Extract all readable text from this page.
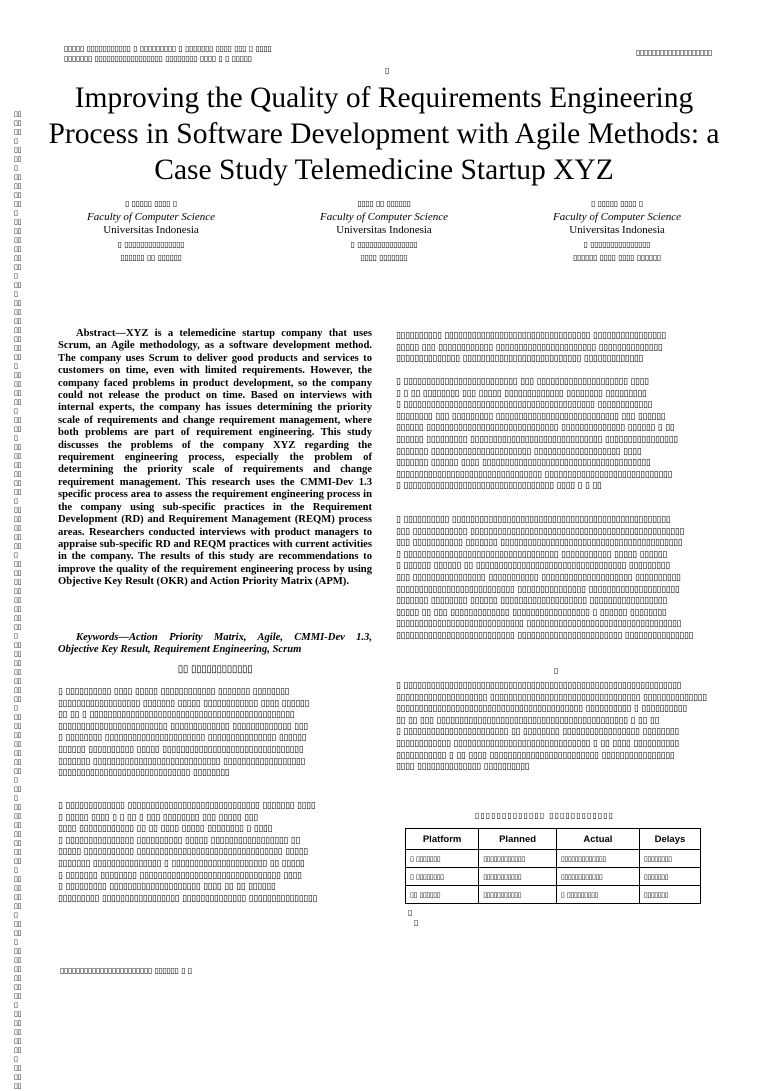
▯▯▯▯▯ ▯▯▯▯▯▯▯▯▯▯▯ ▯ ▯▯▯▯▯▯▯▯▯ ▯ ▯▯▯▯▯▯▯ ▯▯▯▯ ▯▯▯ ▯ ▯▯▯▯
▯▯▯▯▯▯▯ ▯▯▯▯▯▯▯▯▯▯▯▯▯▯▯▯▯ ▯▯▯▯▯▯▯▯ ▯▯▯▯ ▯ ▯ ▯▯▯▯▯
▯▯▯▯▯▯▯▯▯▯▯▯▯▯▯▯▯▯▯
▯
▯▯▯▯ ▯▯▯ ▯▯▯▯▯ ▯▯ ▯▯▯▯ ▯▯▯ ▯▯▯▯▯▯ ▯▯ ▯▯▯▯▯ ▯▯▯ ▯▯▯▯ ▯▯ ▯▯▯▯▯▯ ▯▯▯ ▯▯▯▯ ▯▯▯▯▯ ▯▯ ▯▯▯ ▯▯▯▯▯▯ ▯▯▯▯ ▯▯▯ ▯▯▯▯ ▯▯▯▯ ▯▯▯ ▯▯▯▯▯▯ ▯▯ ▯▯▯▯ ▯▯▯▯▯ ▯▯▯▯ ▯▯ ▯▯▯▯▯▯ ▯▯▯ ▯▯▯▯ ▯▯ ▯▯▯▯ ▯▯▯▯▯ ▯▯▯ ▯▯▯▯ ▯▯ ▯▯▯▯▯▯ ▯▯▯ ▯▯▯▯ ▯▯▯▯▯ ▯▯ ▯▯▯ ▯▯▯▯▯▯ ▯▯▯▯ ▯▯▯ ▯▯▯▯ ▯▯▯▯ ▯▯▯ ▯▯▯▯▯▯
Improving the Quality of Requirements Engineering Process in Software Development with Agile Methods: a Case Study Telemedicine Startup XYZ
▯ ▯▯▯▯▯ ▯▯▯▯ ▯
Faculty of Computer Science
Universitas Indonesia
▯ ▯▯▯▯▯▯▯▯▯▯▯▯▯▯▯
▯▯▯▯▯▯ ▯▯ ▯▯▯▯▯▯
▯▯▯▯ ▯▯ ▯▯▯▯▯▯
Faculty of Computer Science
Universitas Indonesia
▯ ▯▯▯▯▯▯▯▯▯▯▯▯▯▯▯
▯▯▯▯ ▯▯▯▯▯▯▯
▯ ▯▯▯▯▯ ▯▯▯▯ ▯
Faculty of Computer Science
Universitas Indonesia
▯ ▯▯▯▯▯▯▯▯▯▯▯▯▯▯▯
▯▯▯▯▯▯ ▯▯▯▯ ▯▯▯▯ ▯▯▯▯▯▯
Abstract—XYZ is a telemedicine startup company that uses Scrum, an Agile methodology, as a software development method. The company uses Scrum to deliver good products and services to customers on time, even with limited requirements. However, the company faced problems in product development, so the company could not release the product on time. Based on interviews with internal experts, the company has issues determining the priority scale of requirements and change requirement management, where both problems are part of requirement engineering. This study discusses the problems of the company XYZ regarding the requirement engineering process, especially the problem of determining the priority scale of requirements and change requirement management. This research uses the CMMI-Dev 1.3 specific process area to assess the requirement engineering process in the company using sub-specific practices in the Requirement Development (RD) and Requirement Management (REQM) process areas. Researchers conducted interviews with product managers to appraise sub-specific RD and REQM practices with current activities in the company. The results of this study are recommendations to improve the quality of the requirement engineering process by using Objective Key Result (OKR) and Action Priority Matrix (APM).
Keywords—Action Priority Matrix, Agile, CMMI-Dev 1.3, Objective Key Result, Requirement Engineering, Scrum
▯▯ ▯▯▯▯▯▯▯▯▯▯▯▯
▯ ▯▯▯▯▯▯▯▯▯▯ ▯▯▯▯ ▯▯▯▯▯ ▯▯▯▯▯▯▯▯▯▯▯▯ ▯▯▯▯▯▯▯ ▯▯▯▯▯▯▯▯
▯▯▯▯▯▯▯▯▯▯▯▯▯▯▯▯▯▯ ▯▯▯▯▯▯▯ ▯▯▯▯▯ ▯▯▯▯▯▯▯▯▯▯▯▯ ▯▯▯▯ ▯▯▯▯▯▯
▯▯ ▯▯ ▯ ▯▯▯▯▯▯▯▯▯▯▯▯▯▯▯▯▯▯▯▯▯▯▯▯▯▯▯▯▯▯▯▯▯▯▯▯▯▯▯▯▯▯▯▯▯
▯▯▯▯▯▯▯▯▯▯▯▯▯▯▯▯▯▯▯▯▯▯▯▯ ▯▯▯▯▯▯▯▯▯▯▯▯▯ ▯▯▯▯▯▯▯▯▯▯▯▯▯ ▯▯▯
▯ ▯▯▯▯▯▯▯▯ ▯▯▯▯▯▯▯▯▯▯▯▯▯▯▯▯▯▯▯▯▯▯ ▯▯▯▯▯▯▯▯▯▯▯▯▯▯▯ ▯▯▯▯▯▯
▯▯▯▯▯▯ ▯▯▯▯▯▯▯▯▯▯ ▯▯▯▯▯ ▯▯▯▯▯▯▯▯▯▯▯▯▯▯▯▯▯▯▯▯▯▯▯▯▯▯▯▯▯▯▯
▯▯▯▯▯▯▯ ▯▯▯▯▯▯▯▯▯▯▯▯▯▯▯▯▯▯▯▯▯▯▯▯▯▯▯▯ ▯▯▯▯▯▯▯▯▯▯▯▯▯▯▯▯▯▯
▯▯▯▯▯▯▯▯▯▯▯▯▯▯▯▯▯▯▯▯▯▯▯▯▯▯▯▯▯ ▯▯▯▯▯▯▯▯
▯ ▯▯▯▯▯▯▯▯▯▯▯▯▯ ▯▯▯▯▯▯▯▯▯▯▯▯▯▯▯▯▯▯▯▯▯▯▯▯▯▯▯▯▯ ▯▯▯▯▯▯▯ ▯▯▯▯
▯ ▯▯▯▯▯ ▯▯▯▯ ▯ ▯ ▯▯ ▯ ▯▯▯ ▯▯▯▯▯▯▯▯ ▯▯▯ ▯▯▯▯▯ ▯▯▯
▯▯▯▯ ▯▯▯▯▯▯▯▯▯▯▯▯ ▯▯ ▯▯ ▯▯▯▯ ▯▯▯▯▯ ▯▯▯▯▯▯▯▯ ▯ ▯▯▯▯
▯ ▯▯▯▯▯▯▯▯▯▯▯▯▯▯▯ ▯▯▯▯▯▯▯▯▯▯ ▯▯▯▯▯ ▯▯▯▯▯▯▯▯▯▯▯▯▯▯▯▯▯ ▯▯
▯▯▯▯▯ ▯▯▯▯▯▯▯▯▯▯▯ ▯▯▯▯▯▯▯▯▯▯▯▯▯▯▯▯▯▯▯▯▯▯▯▯▯▯▯▯▯▯▯▯ ▯▯▯▯▯
▯▯▯▯▯▯▯ ▯▯▯▯▯▯▯▯▯▯▯▯▯▯▯ ▯ ▯▯▯▯▯▯▯▯▯▯▯▯▯▯▯▯▯▯▯▯▯ ▯▯ ▯▯▯▯▯
▯ ▯▯▯▯▯▯▯ ▯▯▯▯▯▯▯▯ ▯▯▯▯▯▯▯▯▯▯▯▯▯▯▯▯▯▯▯▯▯▯▯▯▯▯▯▯▯▯▯ ▯▯▯▯
▯ ▯▯▯▯▯▯▯▯▯ ▯▯▯▯▯▯▯▯▯▯▯▯▯▯▯▯▯▯▯▯ ▯▯▯▯ ▯▯ ▯▯ ▯▯▯▯▯▯
▯▯▯▯▯▯▯▯▯ ▯▯▯▯▯▯▯▯▯▯▯▯▯▯▯▯▯ ▯▯▯▯▯▯▯▯▯▯▯▯▯▯ ▯▯▯▯▯▯▯▯▯▯▯▯▯▯▯
▯▯▯▯▯▯▯▯▯▯ ▯▯▯▯▯▯▯▯▯▯▯▯▯▯▯▯▯▯▯▯▯▯▯▯▯▯▯▯▯▯▯▯ ▯▯▯▯▯▯▯▯▯▯▯▯▯▯▯▯
▯▯▯▯▯ ▯▯▯ ▯▯▯▯▯▯▯▯▯▯▯▯ ▯▯▯▯▯▯▯▯▯▯▯▯▯▯▯▯▯▯▯▯▯▯ ▯▯▯▯▯▯▯▯▯▯▯▯▯▯
▯▯▯▯▯▯▯▯▯▯▯▯▯▯ ▯▯▯▯▯▯▯▯▯▯▯▯▯▯▯▯▯▯▯▯▯▯▯▯▯▯ ▯▯▯▯▯▯▯▯▯▯▯▯▯
▯ ▯▯▯▯▯▯▯▯▯▯▯▯▯▯▯▯▯▯▯▯▯▯▯▯▯ ▯▯▯ ▯▯▯▯▯▯▯▯▯▯▯▯▯▯▯▯▯▯▯▯ ▯▯▯▯
▯ ▯ ▯▯ ▯▯▯▯▯▯▯▯ ▯▯▯ ▯▯▯▯▯ ▯▯▯▯▯▯▯▯▯▯▯▯▯ ▯▯▯▯▯▯▯▯ ▯▯▯▯▯▯▯▯▯
▯ ▯▯▯▯▯▯▯▯▯▯▯▯▯▯▯▯▯▯▯▯▯▯▯▯▯▯▯▯▯▯▯▯▯▯▯▯▯▯▯▯▯▯ ▯▯▯▯▯▯▯▯▯▯▯▯
▯▯▯▯▯▯▯▯ ▯▯▯ ▯▯▯▯▯▯▯▯▯ ▯▯▯▯▯▯▯▯▯▯▯▯▯▯▯▯▯▯▯▯▯▯▯▯▯▯▯ ▯▯▯ ▯▯▯▯▯▯
▯▯▯▯▯▯ ▯▯▯▯▯▯▯▯▯▯▯▯▯▯▯▯▯▯▯▯▯▯▯▯▯▯▯▯▯ ▯▯▯▯▯▯▯▯▯▯▯▯▯▯ ▯▯▯▯▯▯ ▯ ▯▯
▯▯▯▯▯▯ ▯▯▯▯▯▯▯▯▯ ▯▯▯▯▯▯▯▯▯▯▯▯▯▯▯▯▯▯▯▯▯▯▯▯▯▯▯▯▯ ▯▯▯▯▯▯▯▯▯▯▯▯▯▯▯▯
▯▯▯▯▯▯▯ ▯▯▯▯▯▯▯▯▯▯▯▯▯▯▯▯▯▯▯▯▯▯ ▯▯▯▯▯▯▯▯▯▯▯▯▯▯▯▯▯▯▯ ▯▯▯▯
▯▯▯▯▯▯▯ ▯▯▯▯▯▯ ▯▯▯▯ ▯▯▯▯▯▯▯▯▯▯▯▯▯▯▯▯▯▯▯▯▯▯▯▯▯▯▯▯▯▯▯▯▯▯▯▯▯
▯▯▯▯▯▯▯▯▯▯▯▯▯▯▯▯▯▯▯▯▯▯▯▯▯▯▯▯▯▯▯▯ ▯▯▯▯▯▯▯▯▯▯▯▯▯▯▯▯▯▯▯▯▯▯▯▯▯▯▯▯
▯ ▯▯▯▯▯▯▯▯▯▯▯▯▯▯▯▯▯▯▯▯▯▯▯▯▯▯▯▯▯▯▯▯▯ ▯▯▯▯ ▯ ▯ ▯▯
▯ ▯▯▯▯▯▯▯▯▯▯ ▯▯▯▯▯▯▯▯▯▯▯▯▯▯▯▯▯▯▯▯▯▯▯▯▯▯▯▯▯▯▯▯▯▯▯▯▯▯▯▯▯▯▯▯▯▯▯▯
▯▯▯ ▯▯▯▯▯▯▯▯▯▯▯▯ ▯▯▯▯▯▯▯▯▯▯▯▯▯▯▯▯▯▯▯▯▯▯▯▯▯▯▯▯▯▯▯▯▯▯▯▯▯▯▯▯▯▯▯▯▯▯▯
▯▯▯ ▯▯▯▯▯▯▯▯▯▯▯ ▯▯▯▯▯▯▯ ▯▯▯▯▯▯▯▯▯▯▯▯▯▯▯▯▯▯▯▯▯▯▯▯▯▯▯▯▯▯▯▯▯▯▯▯▯▯▯▯
▯ ▯▯▯▯▯▯▯▯▯▯▯▯▯▯▯▯▯▯▯▯▯▯▯▯▯▯▯▯▯▯▯▯▯▯ ▯▯▯▯▯▯▯▯▯▯▯ ▯▯▯▯▯ ▯▯▯▯▯▯
▯ ▯▯▯▯▯▯ ▯▯▯▯▯▯ ▯▯ ▯▯▯▯▯▯▯▯▯▯▯▯▯▯▯▯▯▯▯▯▯▯▯▯▯▯▯▯▯▯▯▯▯ ▯▯▯▯▯▯▯▯▯
▯▯▯ ▯▯▯▯▯▯▯▯▯▯▯▯▯▯▯▯ ▯▯▯▯▯▯▯▯▯▯▯ ▯▯▯▯▯▯▯▯▯▯▯▯▯▯▯▯▯▯▯▯ ▯▯▯▯▯▯▯▯▯▯
▯▯▯▯▯▯▯▯▯▯▯▯▯▯▯▯▯▯▯▯▯▯▯▯▯▯ ▯▯▯▯▯▯▯▯▯▯▯▯▯▯▯ ▯▯▯▯▯▯▯▯▯▯▯▯▯▯▯▯▯▯▯▯
▯▯▯▯▯▯▯ ▯▯▯▯▯▯▯▯ ▯▯▯▯▯▯ ▯▯▯▯▯▯▯▯▯▯▯▯▯▯▯▯▯▯▯ ▯▯▯▯▯▯▯▯▯▯▯▯▯▯▯▯▯
▯▯▯▯▯ ▯▯ ▯▯▯ ▯▯▯▯▯▯▯▯▯▯▯▯▯ ▯▯▯▯▯▯▯▯▯▯▯▯▯▯▯▯▯ ▯ ▯▯▯▯▯▯ ▯▯▯▯▯▯▯▯
▯▯▯▯▯▯▯▯▯▯▯▯▯▯▯▯▯▯▯▯▯▯▯▯▯▯▯▯ ▯▯▯▯▯▯▯▯▯▯▯▯▯▯▯▯▯▯▯▯▯▯▯▯▯▯▯▯▯▯▯▯▯▯
▯▯▯▯▯▯▯▯▯▯▯▯▯▯▯▯▯▯▯▯▯▯▯▯▯▯ ▯▯▯▯▯▯▯▯▯▯▯▯▯▯▯▯▯▯▯▯▯▯▯ ▯▯▯▯▯▯▯▯▯▯▯▯▯▯▯
▯
▯ ▯▯▯▯▯▯▯▯▯▯▯▯▯▯▯▯▯▯▯▯▯▯▯▯▯▯▯▯▯▯▯▯▯▯▯▯▯▯▯▯▯▯▯▯▯▯▯▯▯▯▯▯▯▯▯▯▯▯▯▯▯
▯▯▯▯▯▯▯▯▯▯▯▯▯▯▯▯▯▯▯▯ ▯▯▯▯▯▯▯▯▯▯▯▯▯▯▯▯▯▯▯▯▯▯▯▯▯▯▯▯▯▯▯▯▯ ▯▯▯▯▯▯▯▯▯▯▯▯▯▯
▯▯▯▯▯▯▯▯▯▯▯▯▯▯▯▯▯▯▯▯▯▯▯▯▯▯▯▯▯▯▯▯▯▯▯▯▯▯▯▯▯ ▯▯▯▯▯▯▯▯▯▯ ▯ ▯▯▯▯▯▯▯▯▯▯
▯▯ ▯▯ ▯▯▯ ▯▯▯▯▯▯▯▯▯▯▯▯▯▯▯▯▯▯▯▯▯▯▯▯▯▯▯▯▯▯▯▯▯▯▯▯▯▯▯▯▯▯ ▯ ▯▯ ▯▯
▯ ▯▯▯▯▯▯▯▯▯▯▯▯▯▯▯▯▯▯▯▯▯▯▯ ▯▯ ▯▯▯▯▯▯▯▯ ▯▯▯▯▯▯▯▯▯▯▯▯▯▯▯▯▯ ▯▯▯▯▯▯▯▯
▯▯▯▯▯▯▯▯▯▯▯▯ ▯▯▯▯▯▯▯▯▯▯▯▯▯▯▯▯▯▯▯▯▯▯▯▯▯▯▯▯▯▯ ▯ ▯▯ ▯▯▯▯ ▯▯▯▯▯▯▯▯▯▯
▯▯▯▯▯▯▯▯▯▯▯ ▯ ▯▯ ▯▯▯▯ ▯▯▯▯▯▯▯▯▯▯▯▯▯▯▯▯▯▯▯▯▯▯▯▯ ▯▯▯▯▯▯▯▯▯▯▯▯▯▯▯▯
▯▯▯▯ ▯▯▯▯▯▯▯▯▯▯▯▯▯▯ ▯▯▯▯▯▯▯▯▯▯
▯▯▯▯▯▯▯▯▯▯▯▯▯ ▯▯▯▯▯▯▯▯▯▯▯▯
Platform	Planned	Actual	Delays
▯ ▯▯▯▯▯▯▯	▯▯▯▯▯▯▯▯▯▯▯▯	▯▯▯▯▯▯▯▯▯▯▯▯▯	▯▯▯▯▯▯▯▯
▯ ▯▯▯▯▯▯▯▯	▯▯▯▯▯▯▯▯▯▯▯	▯▯▯▯▯▯▯▯▯▯▯▯	▯▯▯▯▯▯▯
▯▯ ▯▯▯▯▯▯	▯▯▯▯▯▯▯▯▯▯▯	▯ ▯▯▯▯▯▯▯▯▯	▯▯▯▯▯▯▯
▯
▯
▯▯▯▯▯▯▯▯▯▯▯▯▯▯▯▯▯▯▯▯▯▯▯ ▯▯▯▯▯▯ ▯ ▯
